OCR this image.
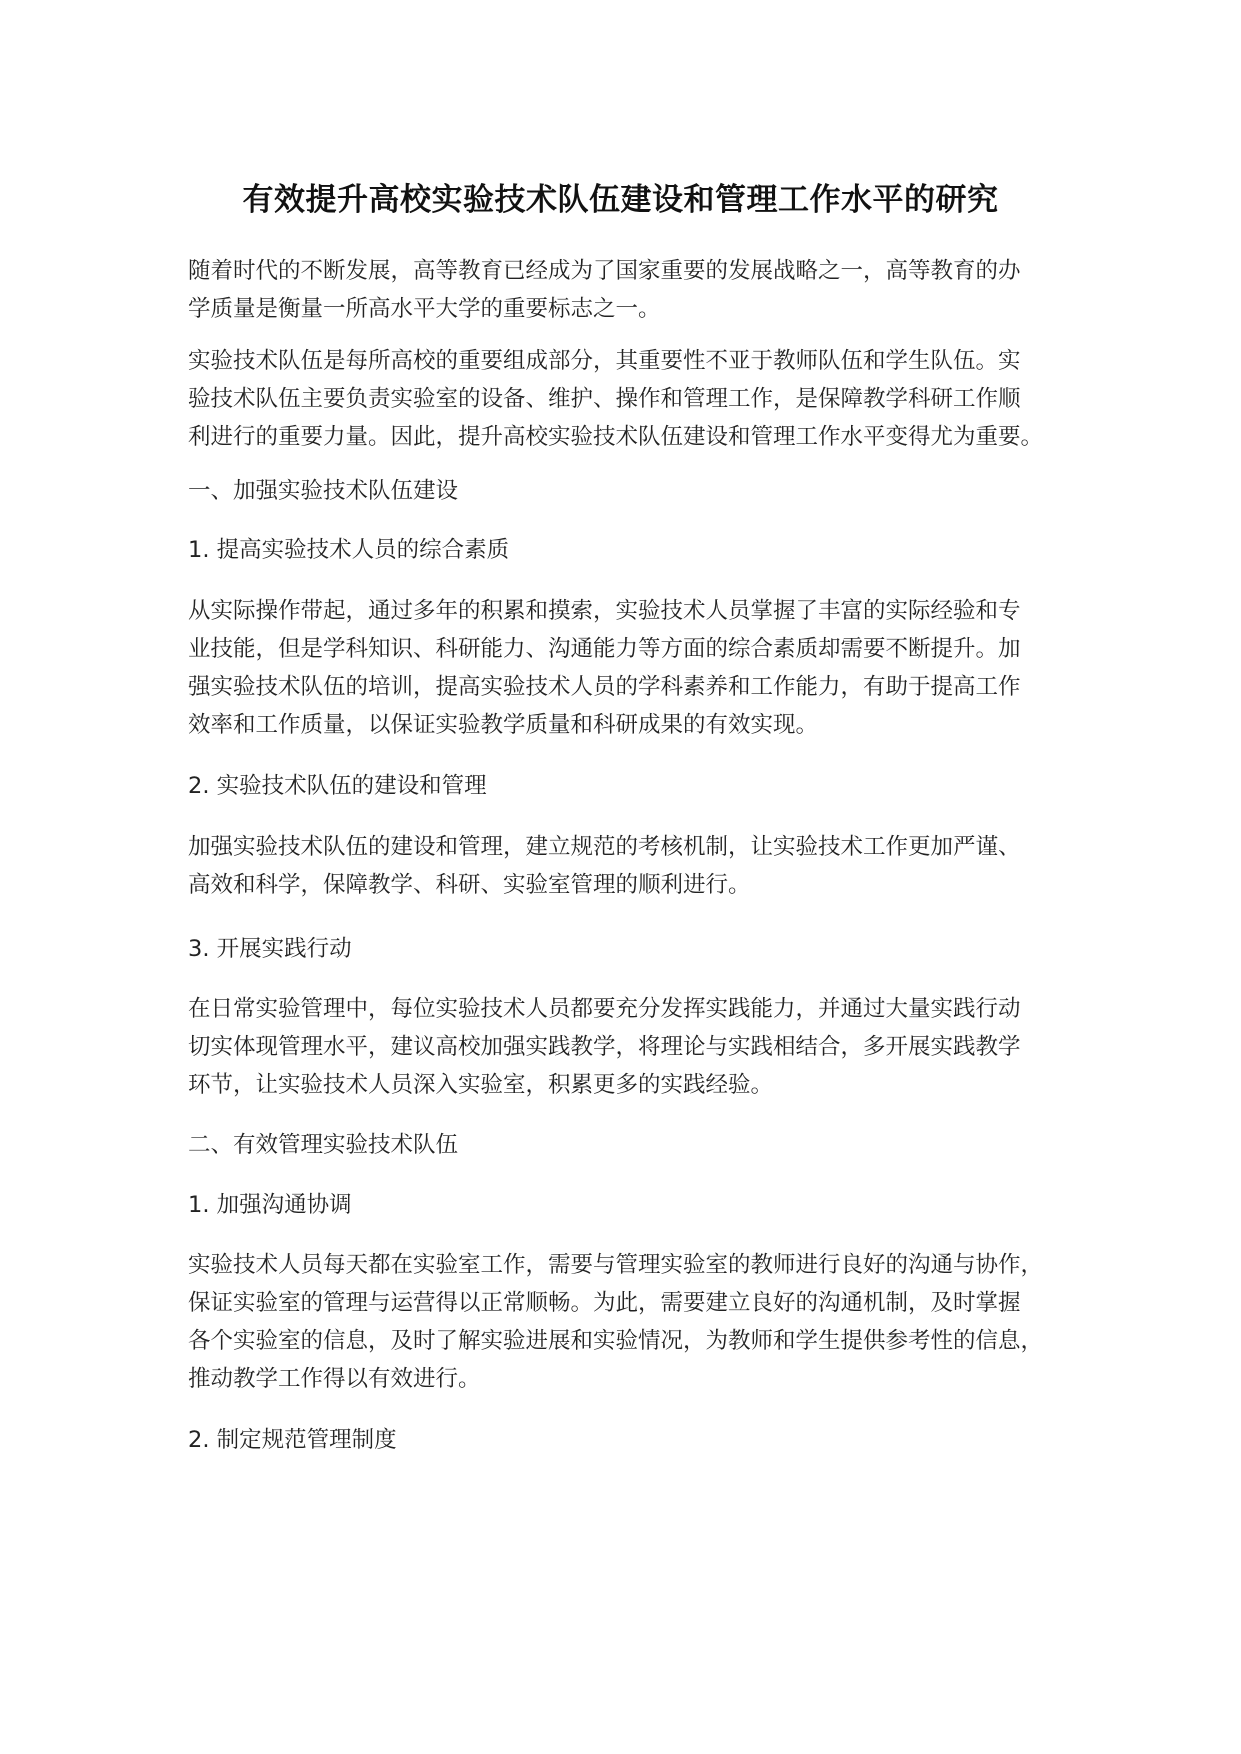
有效提升高校实验技术队伍建设和管理工作水平的研究
随着时代的不断发展，高等教育已经成为了国家重要的发展战略之一，高等教育的办
学质量是衡量一所高水平大学的重要标志之一。
实验技术队伍是每所高校的重要组成部分，其重要性不亚于教师队伍和学生队伍。实
验技术队伍主要负责实验室的设备、维护、操作和管理工作，是保障教学科研工作顺
利进行的重要力量。因此，提升高校实验技术队伍建设和管理工作水平变得尤为重要。
一、加强实验技术队伍建设
1. 提高实验技术人员的综合素质
从实际操作带起，通过多年的积累和摸索，实验技术人员掌握了丰富的实际经验和专
业技能，但是学科知识、科研能力、沟通能力等方面的综合素质却需要不断提升。加
强实验技术队伍的培训，提高实验技术人员的学科素养和工作能力，有助于提高工作
效率和工作质量，以保证实验教学质量和科研成果的有效实现。
2. 实验技术队伍的建设和管理
加强实验技术队伍的建设和管理，建立规范的考核机制，让实验技术工作更加严谨、
高效和科学，保障教学、科研、实验室管理的顺利进行。
3. 开展实践行动
在日常实验管理中，每位实验技术人员都要充分发挥实践能力，并通过大量实践行动
切实体现管理水平，建议高校加强实践教学，将理论与实践相结合，多开展实践教学
环节，让实验技术人员深入实验室，积累更多的实践经验。
二、有效管理实验技术队伍
1. 加强沟通协调
实验技术人员每天都在实验室工作，需要与管理实验室的教师进行良好的沟通与协作，
保证实验室的管理与运营得以正常顺畅。为此，需要建立良好的沟通机制，及时掌握
各个实验室的信息，及时了解实验进展和实验情况，为教师和学生提供参考性的信息，
推动教学工作得以有效进行。
2. 制定规范管理制度
